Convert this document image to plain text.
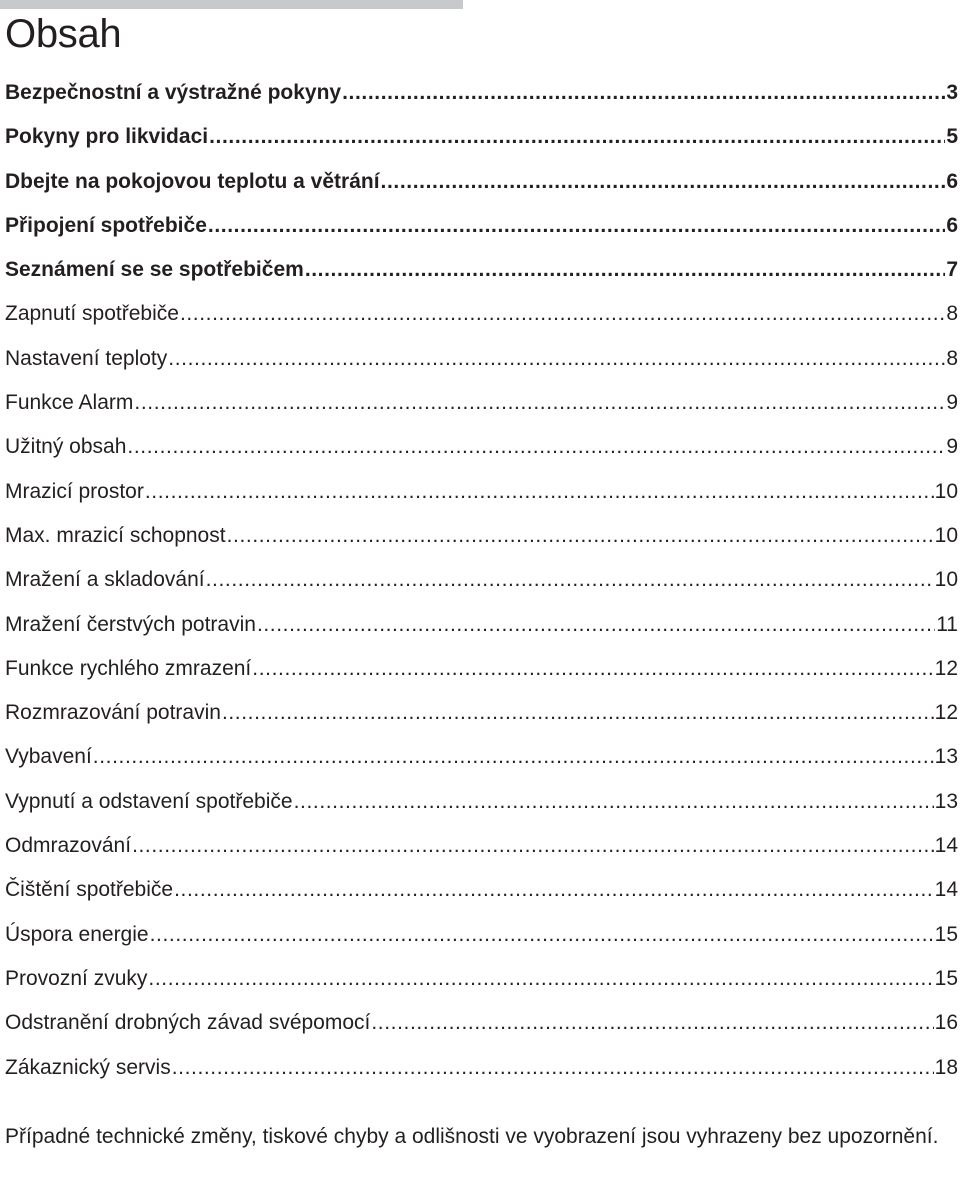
Obsah
Bezpečnostní a výstražné pokyny .....	3
Pokyny pro likvidaci .....	5
Dbejte na pokojovou teplotu a větrání .....	6
Připojení spotřebiče .....	6
Seznámení se se spotřebičem .....	7
Zapnutí spotřebiče .....	8
Nastavení teploty .....	8
Funkce Alarm .....	9
Užitný obsah .....	9
Mrazicí prostor .....	10
Max. mrazicí schopnost .....	10
Mražení a skladování .....	10
Mražení čerstvých potravin .....	11
Funkce rychlého zmrazení .....	12
Rozmrazování potravin .....	12
Vybavení .....	13
Vypnutí a odstavení spotřebiče .....	13
Odmrazování .....	14
Čištění spotřebiče .....	14
Úspora energie .....	15
Provozní zvuky .....	15
Odstranění drobných závad svépomocí .....	16
Zákaznický servis .....	18

Případné technické změny, tiskové chyby a odlišnosti ve vyobrazení jsou vyhrazeny bez upozornění.
